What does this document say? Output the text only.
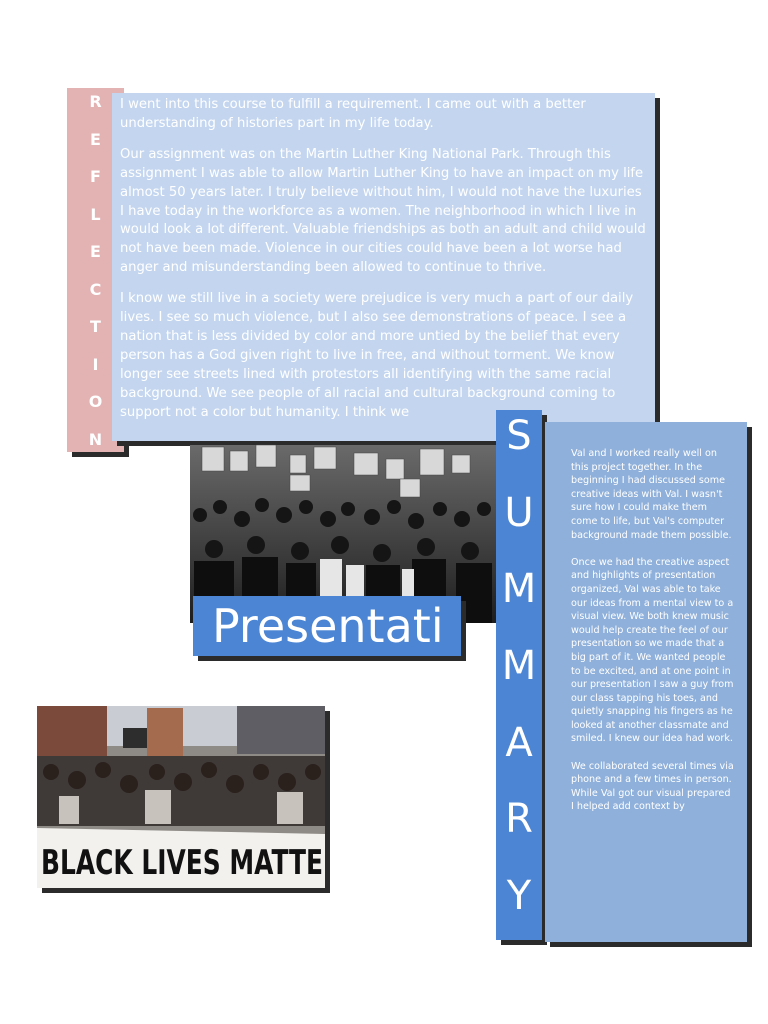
R
E
F
L
E
C
T
I
O
N

I went into this course to fulfill a requirement. I came out with a better understanding of histories part in my life today.

Our assignment was on the Martin Luther King National Park. Through this assignment I was able to allow Martin Luther King to have an impact on my life almost 50 years later. I truly believe without him, I would not have the luxuries I have today in the workforce as a women. The neighborhood in which I live in would look a lot different. Valuable friendships as both an adult and child would not have been made. Violence in our cities could have been a lot worse had anger and misunderstanding been allowed to continue to thrive.

I know we still live in a society were prejudice is very much a part of our daily lives. I see so much violence, but I also see demonstrations of peace. I see a nation that is less divided by color and more untied by the belief that every person has a God given right to live in free, and without torment. We know longer see streets lined with protestors all identifying with the same racial background. We see people of all racial and cultural background coming to support not a color but humanity. I think we

Presentati
BLACK LIVES MATTE
S
U
M
M
A
R
Y

Val and I worked really well on this project together. In the beginning I had discussed some creative ideas with Val. I wasn't sure how I could make them come to life, but Val's computer background made them possible.

Once we had the creative aspect and highlights of presentation organized, Val was able to take our ideas from a mental view to a visual view. We both knew music would help create the feel of our presentation so we made that a big part of it. We wanted people to be excited, and at one point in our presentation I saw a guy from our class tapping his toes, and quietly snapping his fingers as he looked at another classmate and smiled. I knew our idea had work.

We collaborated several times via phone and a few times in person. While Val got our visual prepared I helped add context by
